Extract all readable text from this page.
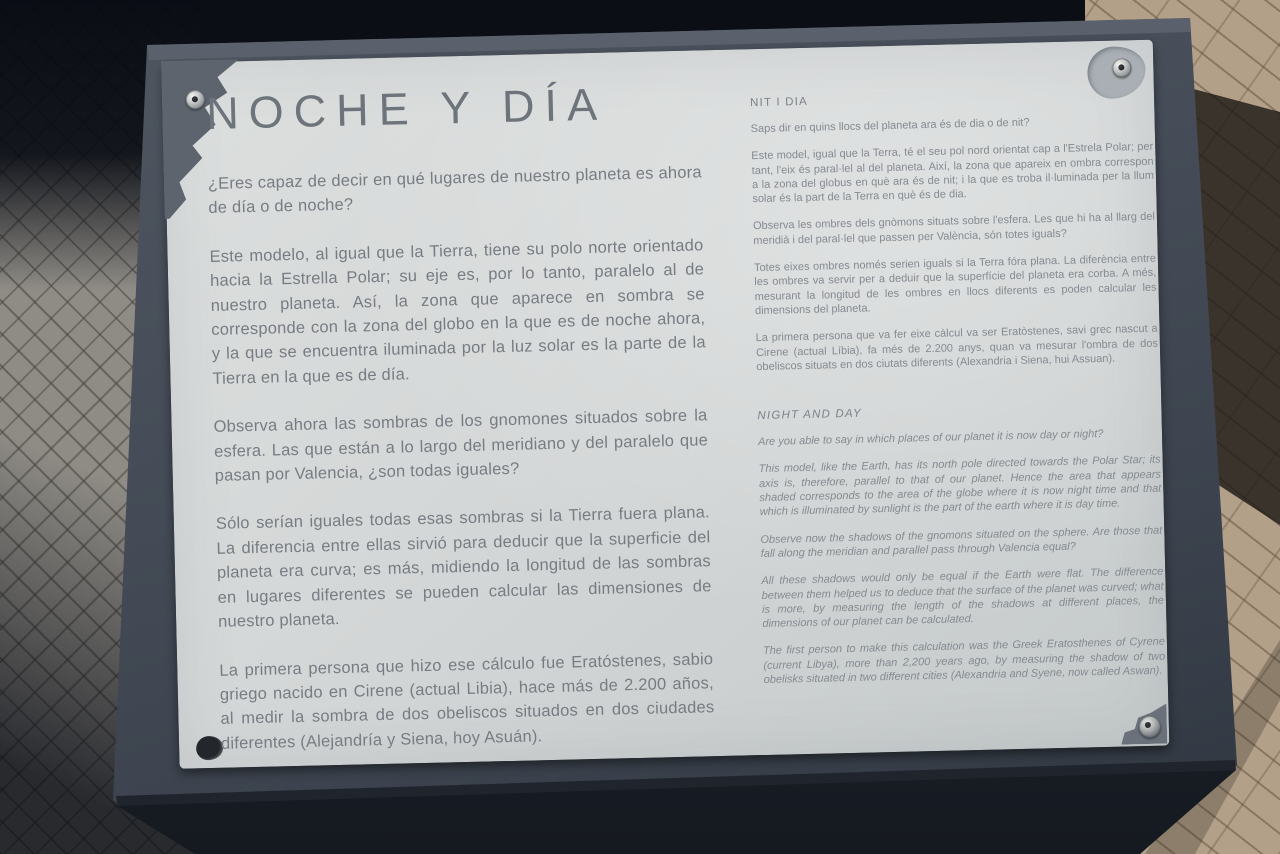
NOCHE Y DÍA

¿Eres capaz de decir en qué lugares de nuestro planeta es ahora de día o de noche?

Este modelo, al igual que la Tierra, tiene su polo norte orientado hacia la Estrella Polar; su eje es, por lo tanto, paralelo al de nuestro planeta. Así, la zona que aparece en sombra se corresponde con la zona del globo en la que es de noche ahora, y la que se encuentra iluminada por la luz solar es la parte de la Tierra en la que es de día.

Observa ahora las sombras de los gnomones situados sobre la esfera. Las que están a lo largo del meridiano y del paralelo que pasan por Valencia, ¿son todas iguales?

Sólo serían iguales todas esas sombras si la Tierra fuera plana. La diferencia entre ellas sirvió para deducir que la superficie del planeta era curva; es más, midiendo la longitud de las sombras en lugares diferentes se pueden calcular las dimensiones de nuestro planeta.

La primera persona que hizo ese cálculo fue Eratóstenes, sabio griego nacido en Cirene (actual Libia), hace más de 2.200 años, al medir la sombra de dos obeliscos situados en dos ciudades diferentes (Alejandría y Siena, hoy Asuán).

NIT I DIA

Saps dir en quins llocs del planeta ara és de dia o de nit?

Este model, igual que la Terra, té el seu pol nord orientat cap a l'Estrela Polar; per tant, l'eix és paral·lel al del planeta. Així, la zona que apareix en ombra correspon a la zona del globus en què ara és de nit; i la que es troba il·luminada per la llum solar és la part de la Terra en què és de dia.

Observa les ombres dels gnòmons situats sobre l'esfera. Les que hi ha al llarg del meridià i del paral·lel que passen per València, són totes iguals?

Totes eixes ombres només serien iguals si la Terra fóra plana. La diferència entre les ombres va servir per a deduir que la superfície del planeta era corba. A més, mesurant la longitud de les ombres en llocs diferents es poden calcular les dimensions del planeta.

La primera persona que va fer eixe càlcul va ser Eratòstenes, savi grec nascut a Cirene (actual Líbia), fa més de 2.200 anys, quan va mesurar l'ombra de dos obeliscos situats en dos ciutats diferents (Alexandria i Siena, hui Assuan).

NIGHT AND DAY

Are you able to say in which places of our planet it is now day or night?

This model, like the Earth, has its north pole directed towards the Polar Star; its axis is, therefore, parallel to that of our planet. Hence the area that appears shaded corresponds to the area of the globe where it is now night time and that which is illuminated by sunlight is the part of the earth where it is day time.

Observe now the shadows of the gnomons situated on the sphere. Are those that fall along the meridian and parallel pass through Valencia equal?

All these shadows would only be equal if the Earth were flat. The difference between them helped us to deduce that the surface of the planet was curved; what is more, by measuring the length of the shadows at different places, the dimensions of our planet can be calculated.

The first person to make this calculation was the Greek Eratosthenes of Cyrene (current Libya), more than 2,200 years ago, by measuring the shadow of two obelisks situated in two different cities (Alexandria and Syene, now called Aswan).
